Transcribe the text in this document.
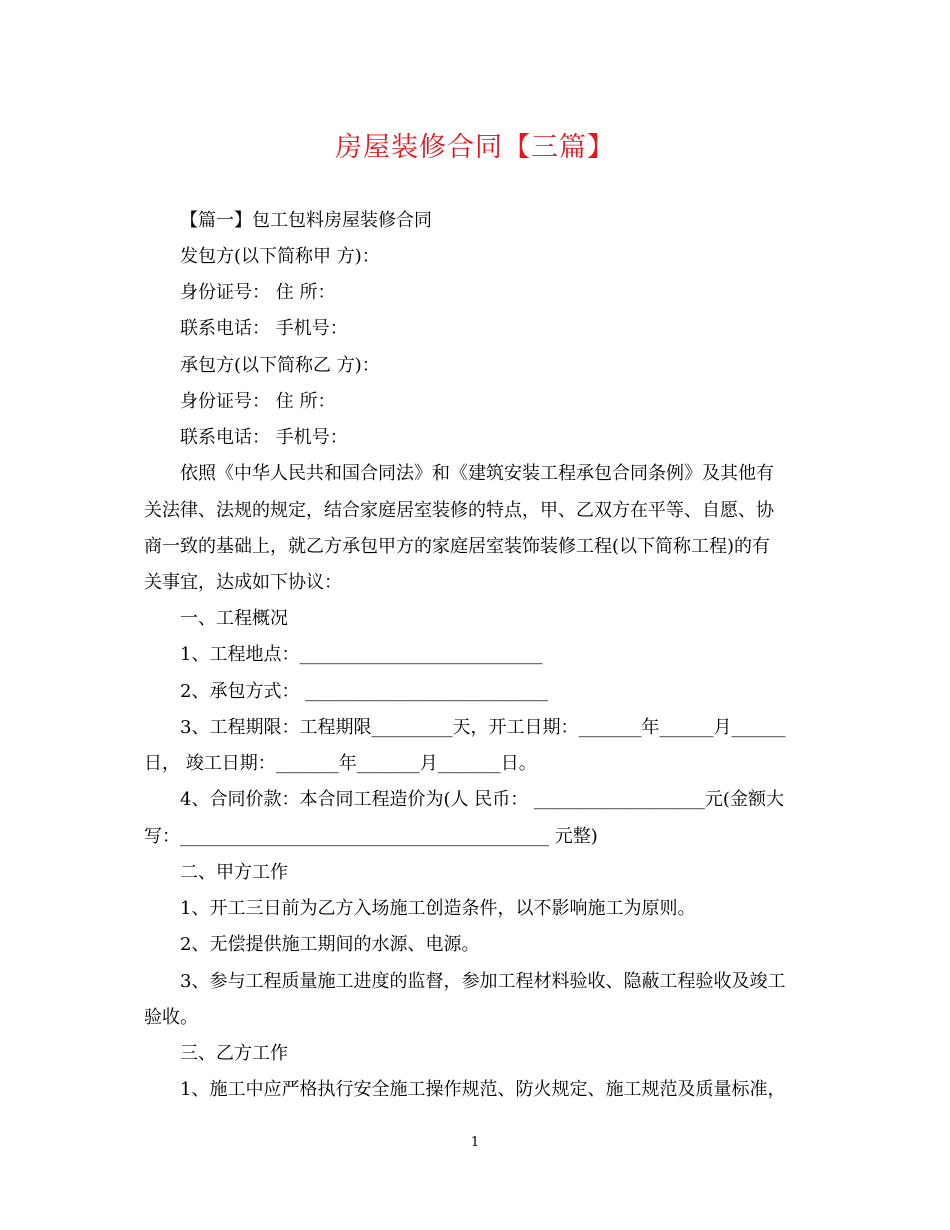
房屋装修合同【三篇】
【篇一】包工包料房屋装修合同
发包方(以下简称甲 方)：
身份证号： 住 所：
联系电话： 手机号：
承包方(以下简称乙 方)：
身份证号： 住 所：
联系电话： 手机号：
依照《中华人民共和国合同法》和《建筑安装工程承包合同条例》及其他有
关法律、法规的规定，结合家庭居室装修的特点，甲、乙双方在平等、自愿、协
商一致的基础上，就乙方承包甲方的家庭居室装饰装修工程(以下简称工程)的有
关事宜，达成如下协议：
一、工程概况
1、工程地点：___________________________
2、承包方式： ___________________________
3、工程期限：工程期限_________天，开工日期：_______年______月______
日， 竣工日期：_______年_______月_______日。
4、合同价款：本合同工程造价为(人 民币： ___________________元(金额大
写：_________________________________________ 元整)
二、甲方工作
1、开工三日前为乙方入场施工创造条件，以不影响施工为原则。
2、无偿提供施工期间的水源、电源。
3、参与工程质量施工进度的监督，参加工程材料验收、隐蔽工程验收及竣工
验收。
三、乙方工作
1、施工中应严格执行安全施工操作规范、防火规定、施工规范及质量标准，
1
